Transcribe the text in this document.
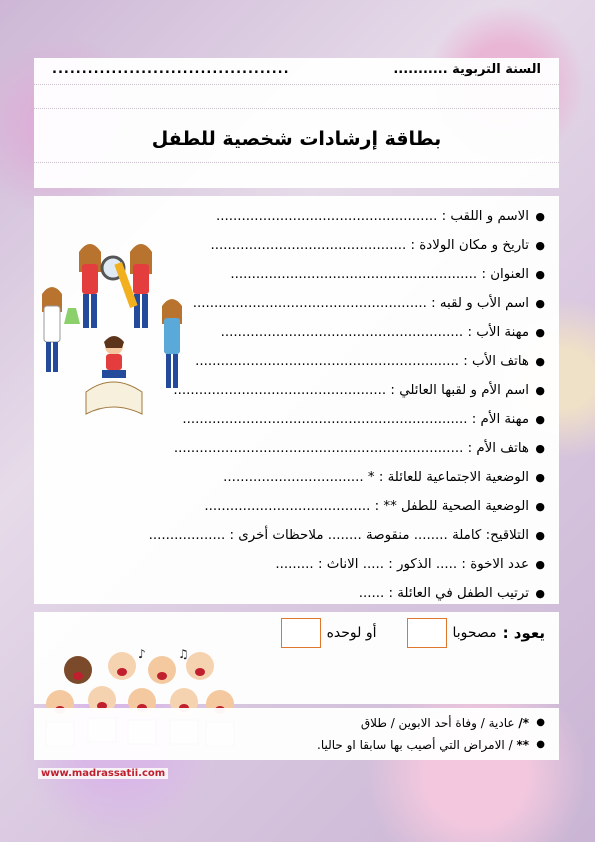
السنة التربوية ...........
........................................
بطاقة إرشادات شخصية للطفل
●
الاسم و اللقب : ....................................................
●
تاريخ و مكان الولادة : ..............................................
●
العنوان : ..........................................................
●
اسم الأب و لقبه : .......................................................
●
مهنة الأب : .........................................................
●
هاتف الأب : ..............................................................
●
اسم الأم و لقبها العائلي : ..................................................
●
مهنة الأم : ...................................................................
●
هاتف الأم : ....................................................................
●
الوضعية الاجتماعية للعائلة : * .................................
●
الوضعية الصحية للطفل ** : .......................................
●
التلاقيح: كاملة ........ منقوصة ........ ملاحظات أخرى : ..................
●
عدد الاخوة : ..... الذكور : ..... الاناث : .........
●
ترتيب الطفل في العائلة : ......
يعود :
مصحوبا
أو لوحده
♪	♫
●
*/ عادية / وفاة أحد الابوين / طلاق
●
** / الامراض التي أصيب بها سابقا او حاليا.
www.madrassatii.com
